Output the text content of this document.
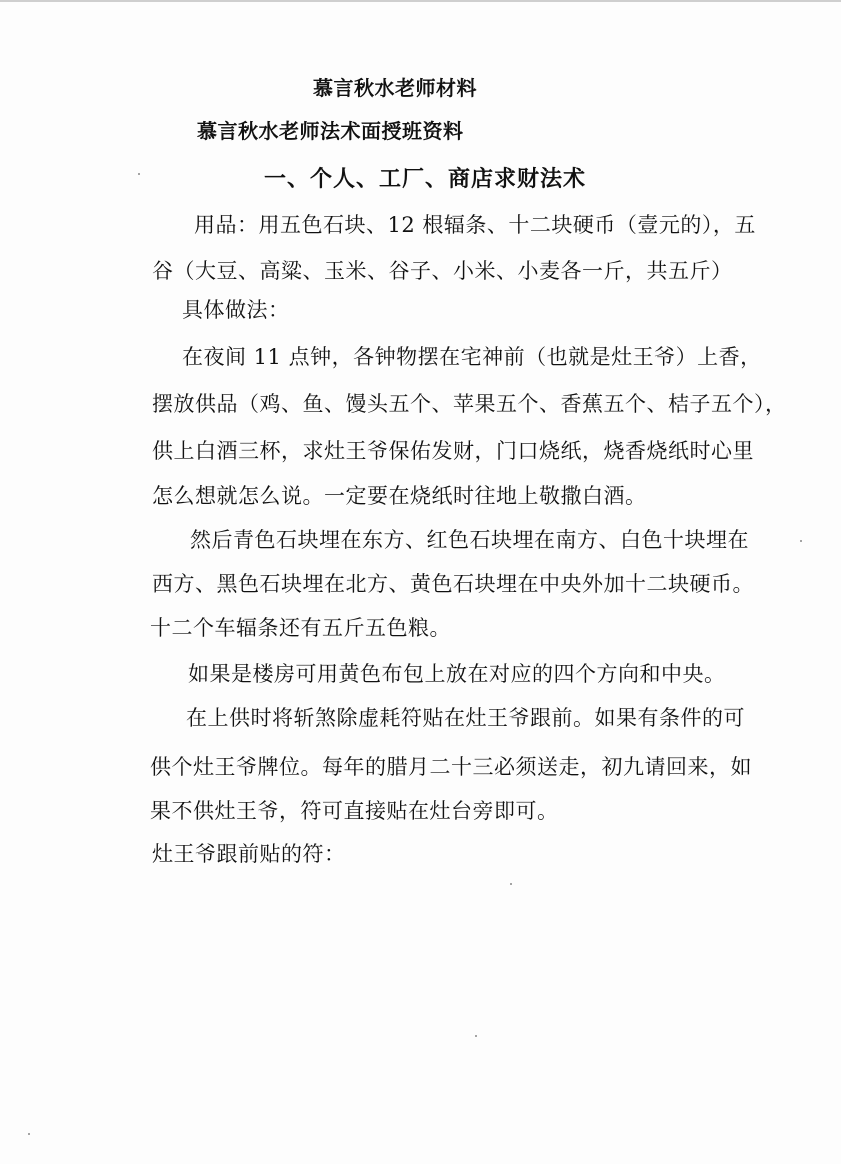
慕言秋水老师材料
慕言秋水老师法术面授班资料
一、个人、工厂、商店求财法术
用品：用五色石块、12 根辐条、十二块硬币（壹元的），五
谷（大豆、高粱、玉米、谷子、小米、小麦各一斤，共五斤）
具体做法：
在夜间 11 点钟，各钟物摆在宅神前（也就是灶王爷）上香，
摆放供品（鸡、鱼、馒头五个、苹果五个、香蕉五个、桔子五个），
供上白酒三杯，求灶王爷保佑发财，门口烧纸，烧香烧纸时心里
怎么想就怎么说。一定要在烧纸时往地上敬撒白酒。
然后青色石块埋在东方、红色石块埋在南方、白色十块埋在
西方、黑色石块埋在北方、黄色石块埋在中央外加十二块硬币。
十二个车辐条还有五斤五色粮。
如果是楼房可用黄色布包上放在对应的四个方向和中央。
在上供时将斩煞除虚耗符贴在灶王爷跟前。如果有条件的可
供个灶王爷牌位。每年的腊月二十三必须送走，初九请回来，如
果不供灶王爷，符可直接贴在灶台旁即可。
灶王爷跟前贴的符：
